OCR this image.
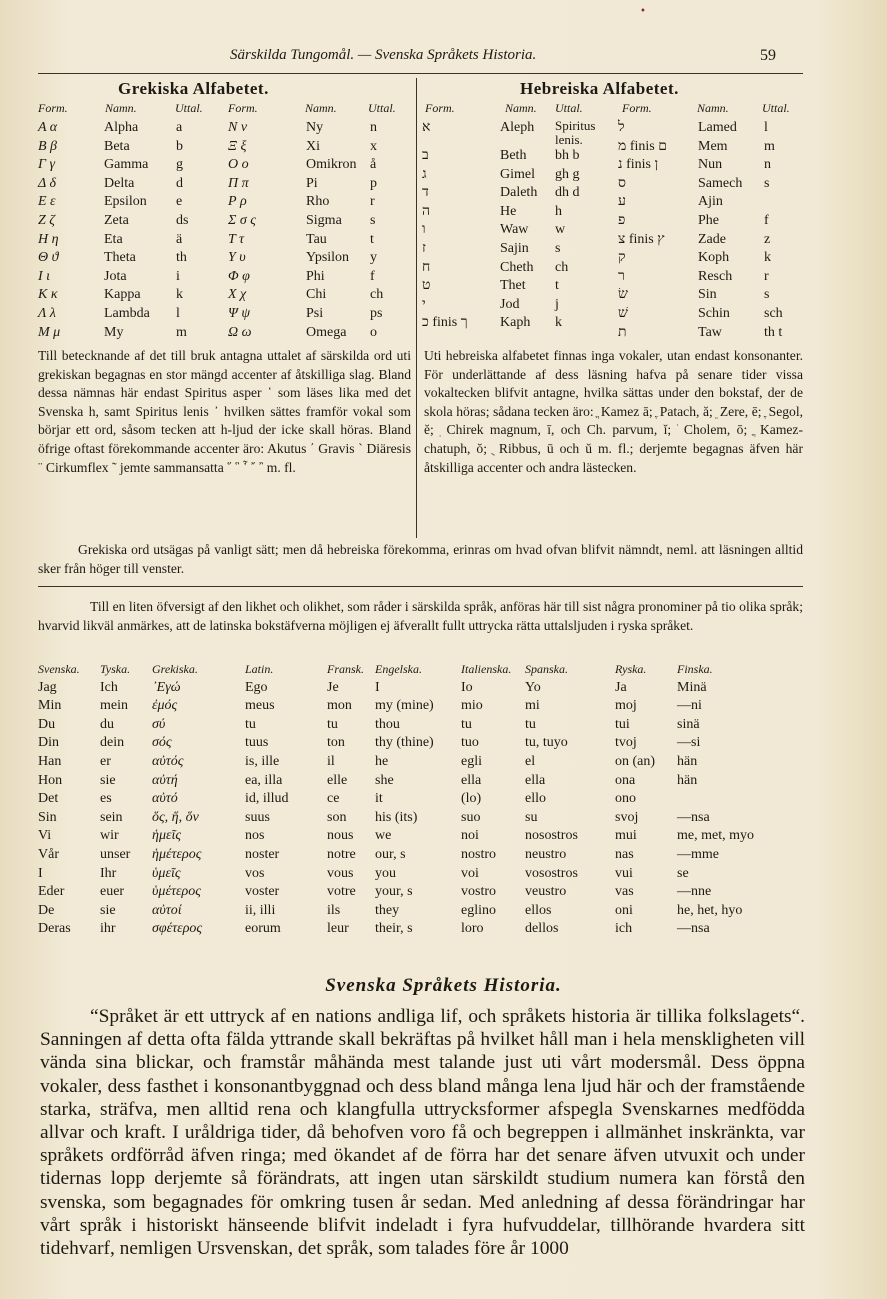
•
Särskilda Tungomål. — Svenska Språkets Historia.	59
Grekiska Alfabetet.
Form.	Namn.	Uttal. Form.	Namn.	Uttal.
Α α	Alpha	a
Β β	Beta	b
Γ γ	Gamma	g
Δ δ	Delta	d
Ε ε	Epsilon	e
Ζ ζ	Zeta	ds
Η η	Eta	ä
Θ ϑ	Theta	th
Ι ι	Jota	i
Κ κ	Kappa	k
Λ λ	Lambda	l
Μ μ	My	m
Ν ν	Ny	n
Ξ ξ	Xi	x
Ο ο	Omikron	å
Π π	Pi	p
Ρ ρ	Rho	r
Σ σ ς	Sigma	s
Τ τ	Tau	t
Υ υ	Ypsilon	y
Φ φ	Phi	f
Χ χ	Chi	ch
Ψ ψ	Psi	ps
Ω ω	Omega	o
Hebreiska Alfabetet.
Form.	Namn. Uttal.	Form.	Namn.	Uttal.
א	Aleph	Spiritus lenis.
ב	Beth	bh b
ג	Gimel	gh g
ד	Daleth	dh d
ה	He	h
ו	Waw	w
ז	Sajin	s
ח	Cheth	ch
ט	Thet	t
י	Jod	j
כ finis ך	Kaph	k
ל	Lamed	l
מ finis ם	Mem	m
נ finis ן	Nun	n
ס	Samech	s
ע	Ajin	
פ	Phe	f
צ finis ץ	Zade	z
ק	Koph	k
ר	Resch	r
שׂ	Sin	s
שׁ	Schin	sch
ת	Taw	th t

Till betecknande af det till bruk antagna uttalet af särskilda ord uti grekiskan begagnas en stor mängd accenter af åtskilliga slag. Bland dessa nämnas här endast Spiritus asper ῾ som läses lika med det Svenska h, samt Spiritus lenis ᾿ hvilken sättes framför vokal som börjar ett ord, såsom tecken att h-ljud der icke skall höras. Bland öfrige oftast förekommande accenter äro: Akutus ΄ Gravis ` Diäresis ¨ Cirkumflex ˜ jemte sammansatta ῞ ῝ ῟ ῎ ῍ m. fl.

Uti hebreiska alfabetet finnas inga vokaler, utan endast konsonanter. För underlättande af dess läsning hafva på senare tider vissa vokaltecken blifvit antagne, hvilka sättas under den bokstaf, der de skola höras; sådana tecken äro: ֳ Kamez ā; ֶ Patach, ă; ֵ Zere, ē; ֶ Segol, ĕ; ִ Chirek magnum, ī, och Ch. parvum, ĭ; ֹ Cholem, ō; ֳ Kamez-chatuph, ŏ; ֻ Ribbus, ū och ŭ m. fl.; derjemte begagnas äfven här åtskilliga accenter och andra lästecken.

Grekiska ord utsägas på vanligt sätt; men då hebreiska förekomma, erinras om hvad ofvan blifvit nämndt, neml. att läsningen alltid sker från höger till venster.
Till en liten öfversigt af den likhet och olikhet, som råder i särskilda språk, anföras här till sist några pronominer på tio olika språk; hvarvid likväl anmärkes, att de latinska bokstäfverna möjligen ej äfverallt fullt uttrycka rätta uttalsljuden i ryska språket.
Svenska.	Tyska.	Grekiska.	Latin.	Fransk.	Engelska.	Italienska.	Spanska.	Ryska.	Finska.
Jag	Ich	᾽Εγώ	Ego	Je	I	Io	Yo	Ja	Minä
Min	mein	ἐμός	meus	mon	my (mine)	mio	mi	moj	—ni
Du	du	σύ	tu	tu	thou	tu	tu	tui	sinä
Din	dein	σός	tuus	ton	thy (thine)	tuo	tu, tuyo	tvoj	—si
Han	er	αὐτός	is, ille	il	he	egli	el	on (an)	hän
Hon	sie	αὐτή	ea, illa	elle	she	ella	ella	ona	hän
Det	es	αὐτό	id, illud	ce	it	(lo)	ello	ono	
Sin	sein	ὅς, ἥ, ὅν	suus	son	his (its)	suo	su	svoj	—nsa
Vi	wir	ἡμεῖς	nos	nous	we	noi	nosostros	mui	me, met, myo
Vår	unser	ἡμέτερος	noster	notre	our, s	nostro	neustro	nas	—mme
I	Ihr	ὑμεῖς	vos	vous	you	voi	vosostros	vui	se
Eder	euer	ὑμέτερος	voster	votre	your, s	vostro	veustro	vas	—nne
De	sie	αὐτοί	ii, illi	ils	they	eglino	ellos	oni	he, het, hyo
Deras	ihr	σφέτερος	eorum	leur	their, s	loro	dellos	ich	—nsa
Svenska Språkets Historia.

“Språket är ett uttryck af en nations andliga lif, och språkets historia är tillika folkslagets“. Sanningen af detta ofta fälda yttrande skall bekräftas på hvilket håll man i hela menskligheten vill vända sina blickar, och framstår måhända mest talande just uti vårt modersmål. Dess öppna vokaler, dess fasthet i konsonantbyggnad och dess bland många lena ljud här och der framstående starka, sträfva, men alltid rena och klangfulla uttrycksformer afspegla Svenskarnes medfödda allvar och kraft. I uråldriga tider, då behofven voro få och begreppen i allmänhet inskränkta, var språkets ordförråd äfven ringa; med ökandet af de förra har det senare äfven utvuxit och under tidernas lopp derjemte så förändrats, att ingen utan särskildt studium numera kan förstå den svenska, som begagnades för omkring tusen år sedan. Med anledning af dessa förändringar har vårt språk i historiskt hänseende blifvit indeladt i fyra hufvuddelar, tillhörande hvardera sitt tidehvarf, nemligen Ursvenskan, det språk, som talades före år 1000
